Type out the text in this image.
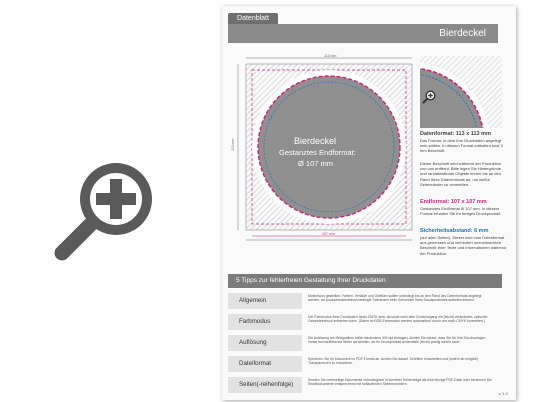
Datenblatt
Bierdeckel
Bierdeckel
Gestanztes Endformat:
Ø 107 mm
113 mm
113 mm
107 mm
Datenformat: 113 x 113 mm
Das Format, in dem Ihre Druckdaten angelegt sein sollten. In diesem Format enthalten sind 3 mm Beschnitt.
Dieser Beschnitt wird während der Produktion von uns entfernt. Bitte legen Sie Hintergründe und randabfallende Objekte immer bis an den Rand Ihres Datenformats an, um weiße Seitenränder zu vermeiden.
Endformat: 107 x 107 mm
Gestanztes Endformat Ø 107 mm. In diesem Format erhalten Sie Ihr fertiges Druckprodukt.
Sicherheitsabstand: 6 mm
(auf allen Seiten). Dieser wird vom Datenformat aus gemessen und verhindert unerwünschten Beschnitt Ihrer Texte und Informationen während der Produktion.
5 Tipps zur fehlerfreien Gestaltung Ihrer Druckdaten
Allgemein
Motive/Aus gestellten, Farben, Verläufe und Grafiken sollten unbedingt bis an den Rand des Datenformats angelegt werden, da produktionstechnisch bedingte Toleranzen beim Schneiden Ihres Druckproduktes auftreten können.
Farbmodus
Der Farbmodus Ihrer Druckdaten muss CMYK sein, da sonst nach dem Druckvorgang ein (leicht) veränderter, optischer Gesamteindruck entstehen kann. (Daten im RGB-Farbmodus werden automatisch durch uns nach CMYK konvertiert.)
Auflösung
Die Auflösung von Bildgrafiken sollte mindestens 300 dpi betragen. Achten Sie darauf, dass Sie für Ihre Druckvorlagen immer hochauflösende Bilder verwenden, da Ihr Druckprodukt andernfalls (leicht) pixelig wirken kann.
Dateiformat
Speichern Sie Ihr Dokument im PDF-Format ab. Achten Sie darauf, Schriften einzubetten und (sofern ab möglich) Transparenzen zu reduzieren.
Seiten(-reihenfolge)
Senden Sie mehrseitige Dokumente chronologisch in korrekter Reihenfolge als eine einzige PDF-Datei oder benennen Sie Einzeldokumente entsprechend mit fortlaufenden Seitennummern.
v. 1.0
